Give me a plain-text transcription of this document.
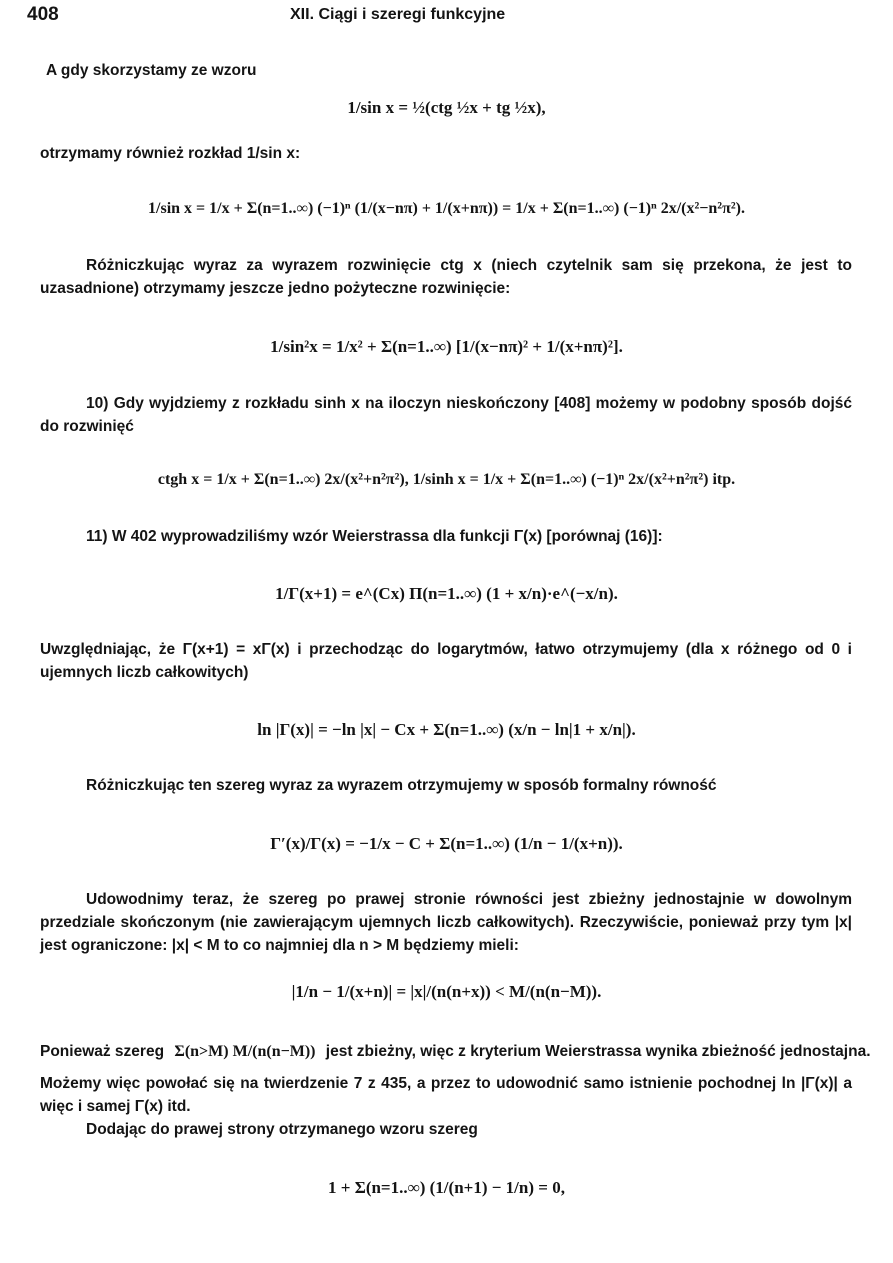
408	XII. Ciągi i szeregi funkcyjne
A gdy skorzystamy ze wzoru
1/sin x = ½(ctg ½x + tg ½x),
otrzymamy również rozkład 1/sin x:
1/sin x = 1/x + Σ(n=1..∞) (−1)ⁿ (1/(x−nπ) + 1/(x+nπ)) = 1/x + Σ(n=1..∞) (−1)ⁿ 2x/(x²−n²π²).
Różniczkując wyraz za wyrazem rozwinięcie ctg x (niech czytelnik sam się przekona, że jest to uzasadnione) otrzymamy jeszcze jedno pożyteczne rozwinięcie:
1/sin²x = 1/x² + Σ(n=1..∞) [1/(x−nπ)² + 1/(x+nπ)²].
10) Gdy wyjdziemy z rozkładu sinh x na iloczyn nieskończony [408] możemy w podobny sposób dojść do rozwinięć
ctgh x = 1/x + Σ(n=1..∞) 2x/(x²+n²π²), 1/sinh x = 1/x + Σ(n=1..∞) (−1)ⁿ 2x/(x²+n²π²) itp.
11) W 402 wyprowadziliśmy wzór Weierstrassa dla funkcji Γ(x) [porównaj (16)]:
1/Γ(x+1) = e^(Cx) Π(n=1..∞) (1 + x/n)·e^(−x/n).
Uwzględniając, że Γ(x+1) = xΓ(x) i przechodząc do logarytmów, łatwo otrzymujemy (dla x różnego od 0 i ujemnych liczb całkowitych)
ln |Γ(x)| = −ln |x| − Cx + Σ(n=1..∞) (x/n − ln|1 + x/n|).
Różniczkując ten szereg wyraz za wyrazem otrzymujemy w sposób formalny równość
Γ′(x)/Γ(x) = −1/x − C + Σ(n=1..∞) (1/n − 1/(x+n)).
Udowodnimy teraz, że szereg po prawej stronie równości jest zbieżny jednostajnie w dowolnym przedziale skończonym (nie zawierającym ujemnych liczb całkowitych). Rzeczywiście, ponieważ przy tym |x| jest ograniczone: |x| < M to co najmniej dla n > M będziemy mieli:
|1/n − 1/(x+n)| = |x|/(n(n+x)) < M/(n(n−M)).
Ponieważ szereg Σ(n>M) M/(n(n−M)) jest zbieżny, więc z kryterium Weierstrassa wynika zbieżność jednostajna.
Możemy więc powołać się na twierdzenie 7 z 435, a przez to udowodnić samo istnienie pochodnej ln |Γ(x)| a więc i samej Γ(x) itd.
Dodając do prawej strony otrzymanego wzoru szereg
1 + Σ(n=1..∞) (1/(n+1) − 1/n) = 0,
